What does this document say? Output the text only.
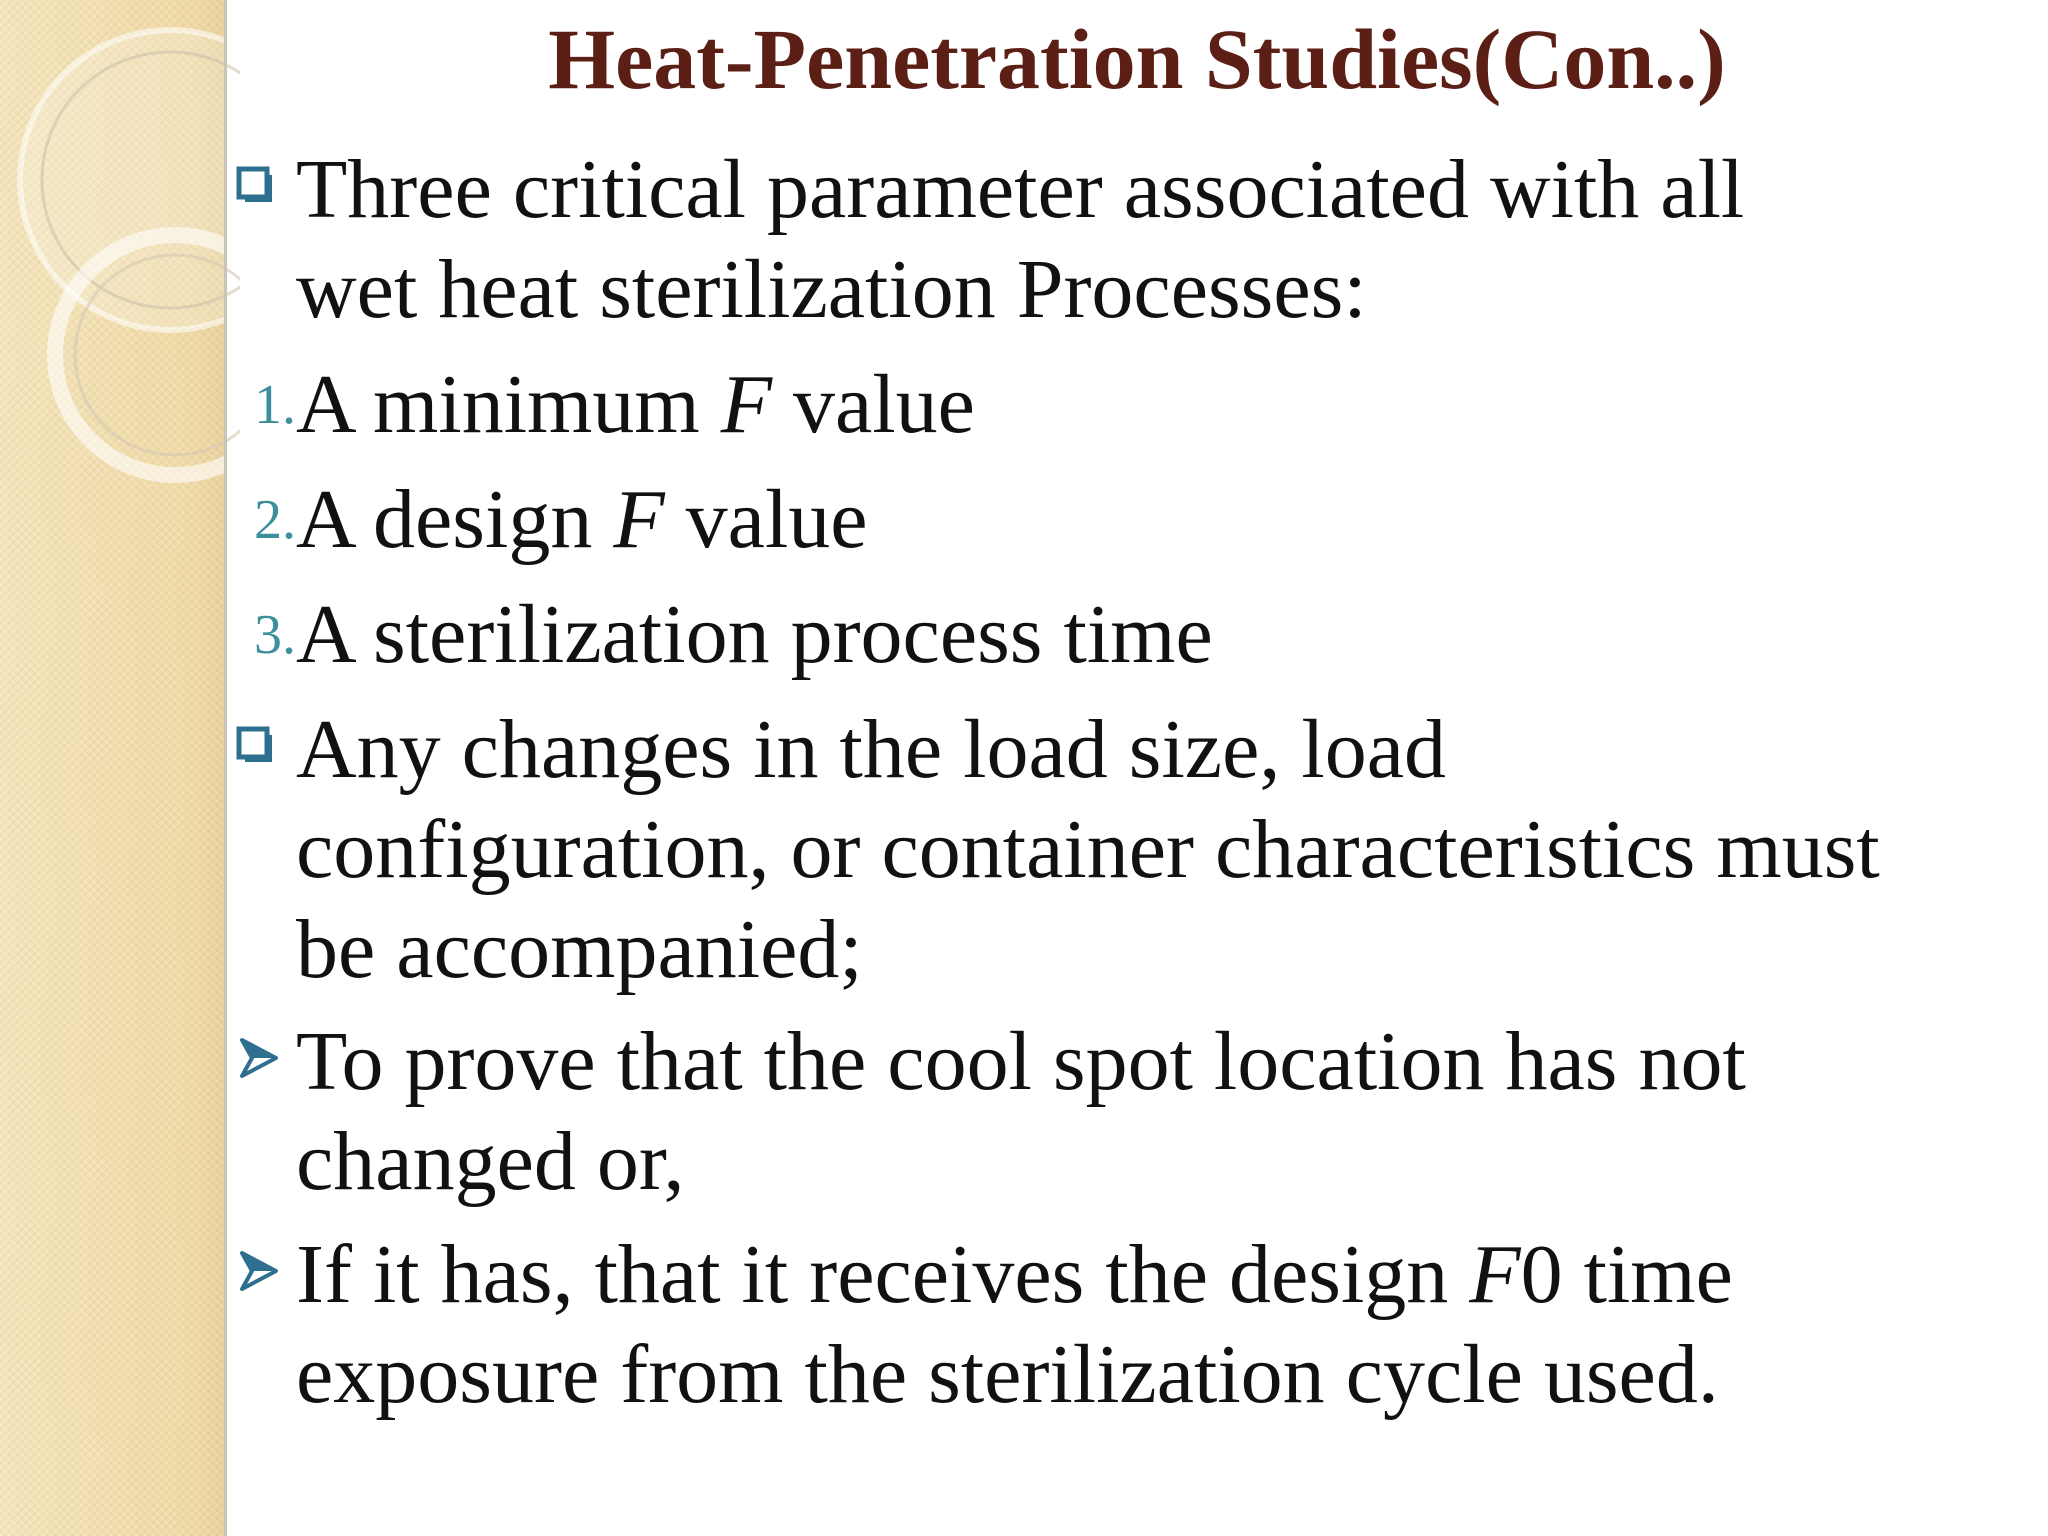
Heat-Penetration Studies(Con..)

Three critical parameter associated with all

wet heat sterilization Processes:

1. A minimum F value
2. A design F value
3. A sterilization process time

Any changes in the load size, load

configuration, or container characteristics must

be accompanied;

To prove that the cool spot location has not

changed or,

If it has, that it receives the design F0 time

exposure from the sterilization cycle used.
